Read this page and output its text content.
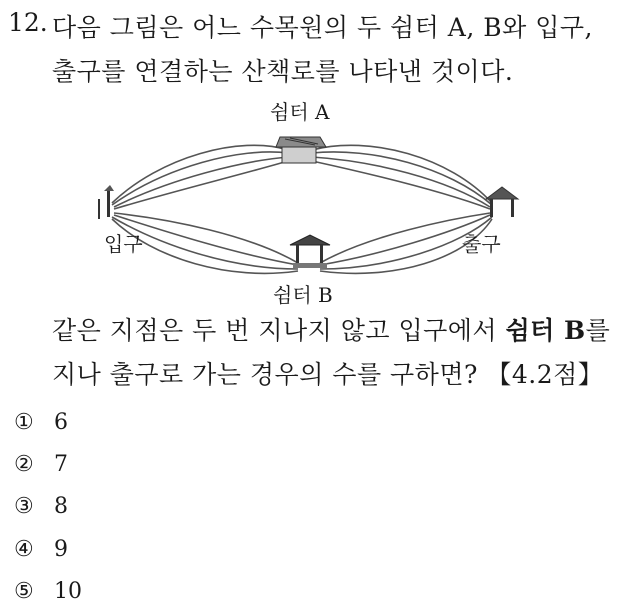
12. 다음 그림은 어느 수목원의 두 쉼터 A, B와 입구,
출구를 연결하는 산책로를 나타낸 것이다.
쉼터 A
쉼터 B
입구	출구
같은 지점은 두 번 지나지 않고 입구에서 쉼터 B를
지나 출구로 가는 경우의 수를 구하면? 【4.2점】
① 6
② 7
③ 8
④ 9
⑤ 10
